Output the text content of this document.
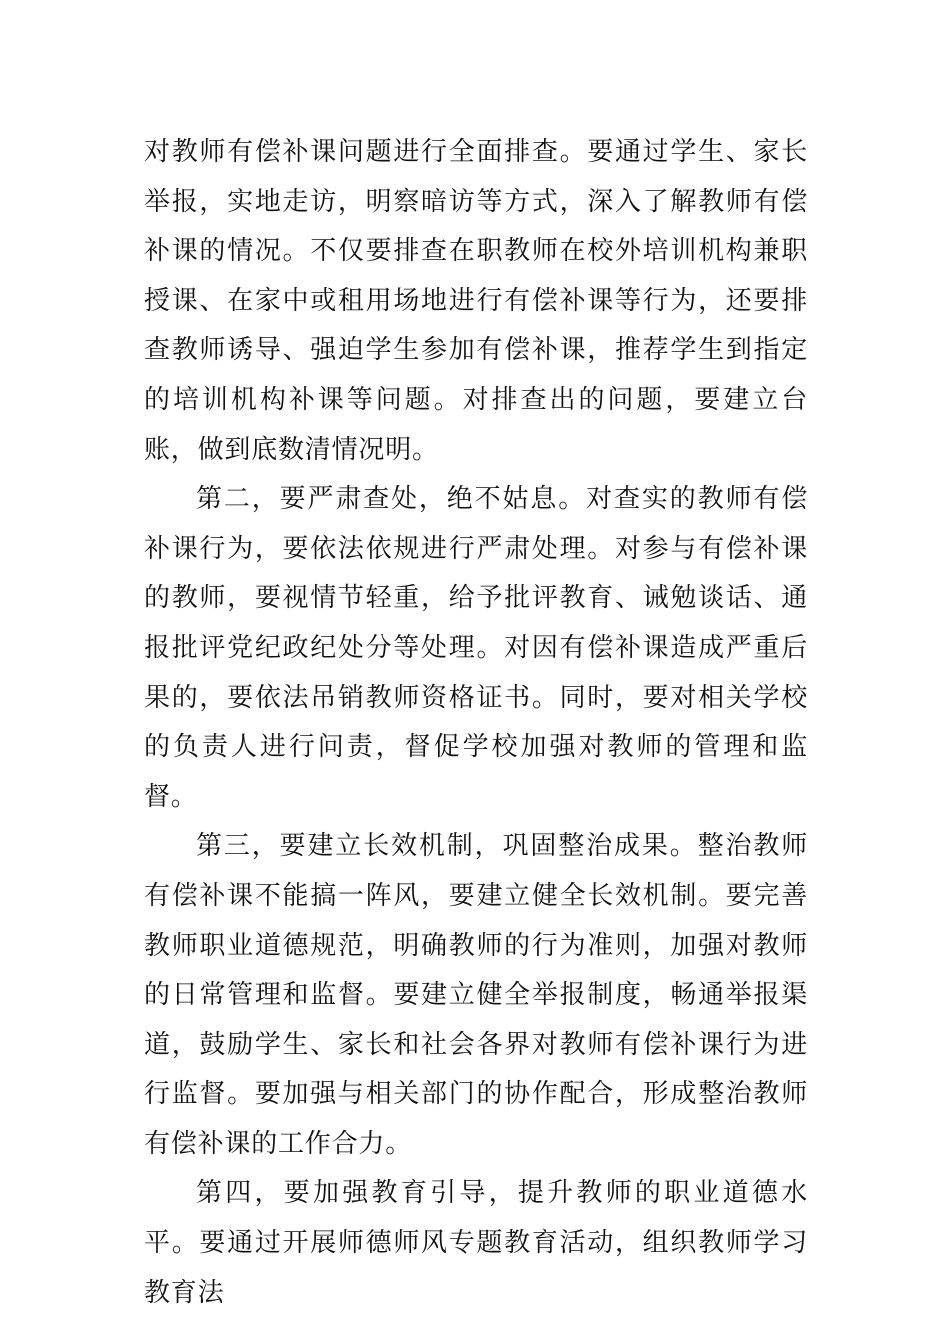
对教师有偿补课问题进行全面排查。要通过学生、家长举报，实地走访，明察暗访等方式，深入了解教师有偿补课的情况。不仅要排查在职教师在校外培训机构兼职授课、在家中或租用场地进行有偿补课等行为，还要排查教师诱导、强迫学生参加有偿补课，推荐学生到指定的培训机构补课等问题。对排查出的问题，要建立台账，做到底数清情况明。

第二，要严肃查处，绝不姑息。对查实的教师有偿补课行为，要依法依规进行严肃处理。对参与有偿补课的教师，要视情节轻重，给予批评教育、诫勉谈话、通报批评党纪政纪处分等处理。对因有偿补课造成严重后果的，要依法吊销教师资格证书。同时，要对相关学校的负责人进行问责，督促学校加强对教师的管理和监督。

第三，要建立长效机制，巩固整治成果。整治教师有偿补课不能搞一阵风，要建立健全长效机制。要完善教师职业道德规范，明确教师的行为准则，加强对教师的日常管理和监督。要建立健全举报制度，畅通举报渠道，鼓励学生、家长和社会各界对教师有偿补课行为进行监督。要加强与相关部门的协作配合，形成整治教师有偿补课的工作合力。

第四，要加强教育引导，提升教师的职业道德水平。要通过开展师德师风专题教育活动，组织教师学习教育法
